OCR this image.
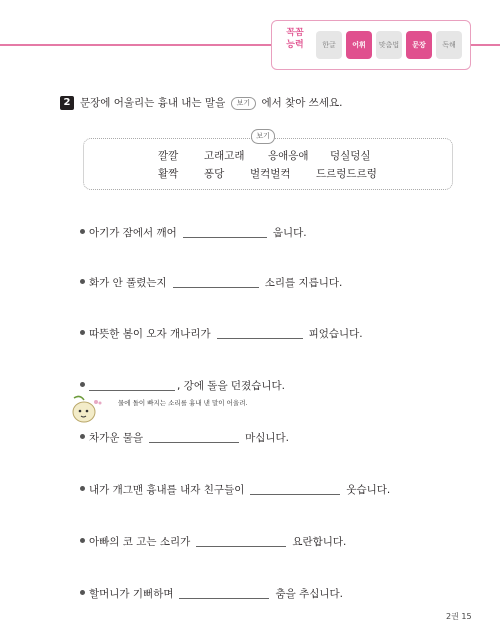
꼭꼼
능력	한글	어휘	맞춤법	문장	독해
2 문장에 어울리는 흉내 내는 말을 보기 에서 찾아 쓰세요.
보기
깔깔 고래고래 응애응애 덩실덩실
활짝 퐁당 벌컥벌컥 드르렁드르렁
아기가 잠에서 깨어	웁니다.
화가 안 풀렸는지	소리를 지릅니다.
따뜻한 봄이 오자 개나리가	피었습니다.
, 강에 돌을 던졌습니다.
물에 돌이 빠지는 소리를 흉내 낸 말이 어울려.
차가운 물을	마십니다.
내가 개그맨 흉내를 내자 친구들이	웃습니다.
아빠의 코 고는 소리가	요란합니다.
할머니가 기뻐하며	춤을 추십니다.
2권 15
